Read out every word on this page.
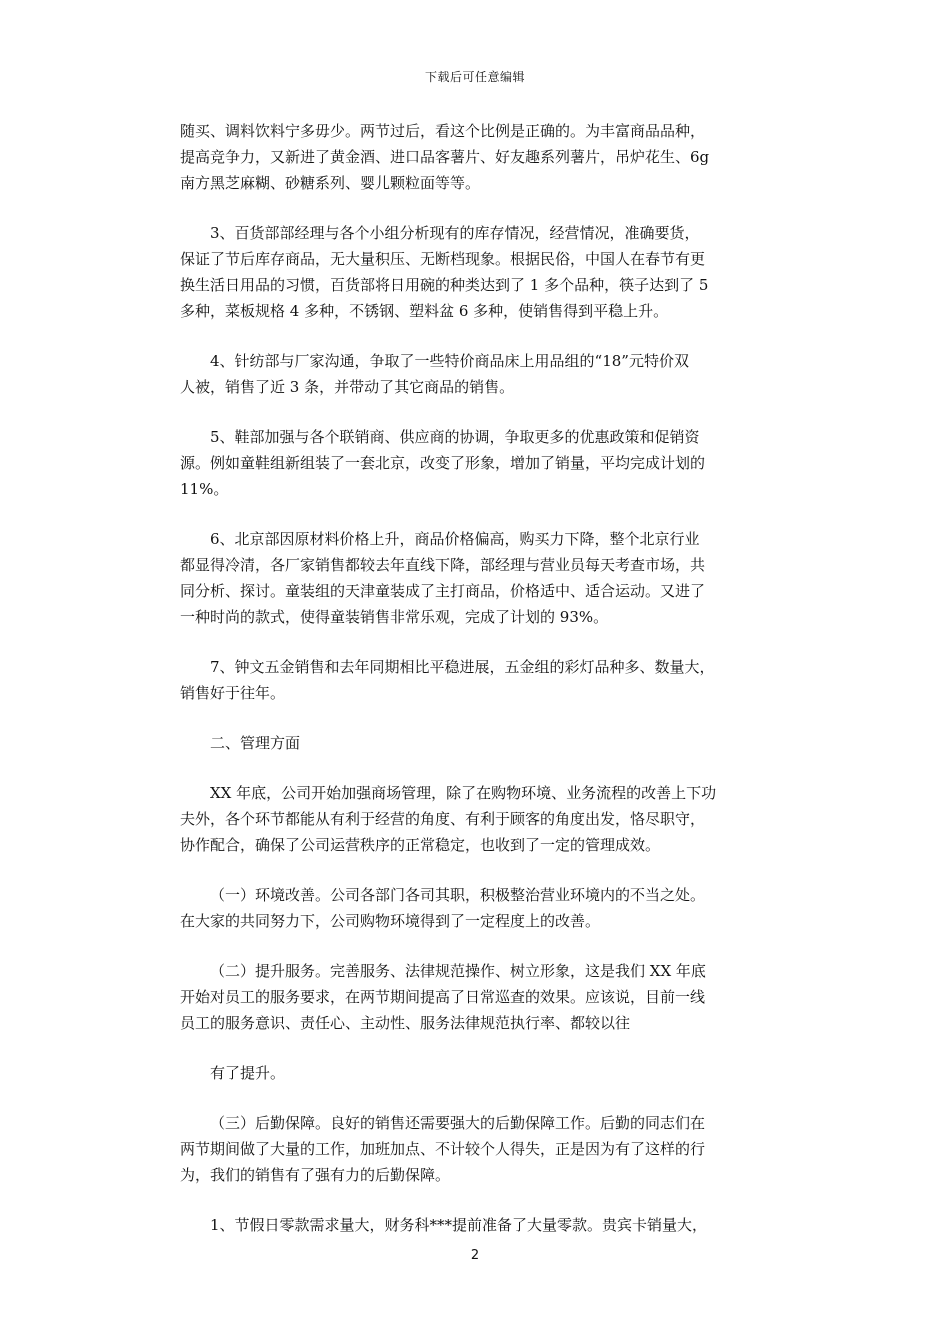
下载后可任意编辑
随买、调料饮料宁多毋少。两节过后，看这个比例是正确的。为丰富商品品种，
提高竞争力，又新进了黄金酒、进口品客薯片、好友趣系列薯片，吊炉花生、6g
南方黑芝麻糊、砂糖系列、婴儿颗粒面等等。
3、百货部部经理与各个小组分析现有的库存情况，经营情况，准确要货，
保证了节后库存商品，无大量积压、无断档现象。根据民俗，中国人在春节有更
换生活日用品的习惯，百货部将日用碗的种类达到了 1 多个品种，筷子达到了 5
多种，菜板规格 4 多种，不锈钢、塑料盆 6 多种，使销售得到平稳上升。
4、针纺部与厂家沟通，争取了一些特价商品床上用品组的“18”元特价双
人被，销售了近 3 条，并带动了其它商品的销售。
5、鞋部加强与各个联销商、供应商的协调，争取更多的优惠政策和促销资
源。例如童鞋组新组装了一套北京，改变了形象，增加了销量，平均完成计划的
11%。
6、北京部因原材料价格上升，商品价格偏高，购买力下降，整个北京行业
都显得冷清，各厂家销售都较去年直线下降，部经理与营业员每天考查市场，共
同分析、探讨。童装组的天津童装成了主打商品，价格适中、适合运动。又进了
一种时尚的款式，使得童装销售非常乐观，完成了计划的 93%。
7、钟文五金销售和去年同期相比平稳进展，五金组的彩灯品种多、数量大，
销售好于往年。
二、管理方面
XX 年底，公司开始加强商场管理，除了在购物环境、业务流程的改善上下功
夫外，各个环节都能从有利于经营的角度、有利于顾客的角度出发，恪尽职守，
协作配合，确保了公司运营秩序的正常稳定，也收到了一定的管理成效。
（一）环境改善。公司各部门各司其职，积极整治营业环境内的不当之处。
在大家的共同努力下，公司购物环境得到了一定程度上的改善。
（二）提升服务。完善服务、法律规范操作、树立形象，这是我们 XX 年底
开始对员工的服务要求，在两节期间提高了日常巡查的效果。应该说，目前一线
员工的服务意识、责任心、主动性、服务法律规范执行率、都较以往
有了提升。
（三）后勤保障。良好的销售还需要强大的后勤保障工作。后勤的同志们在
两节期间做了大量的工作，加班加点、不计较个人得失，正是因为有了这样的行
为，我们的销售有了强有力的后勤保障。
1、节假日零款需求量大，财务科***提前准备了大量零款。贵宾卡销量大，
2
